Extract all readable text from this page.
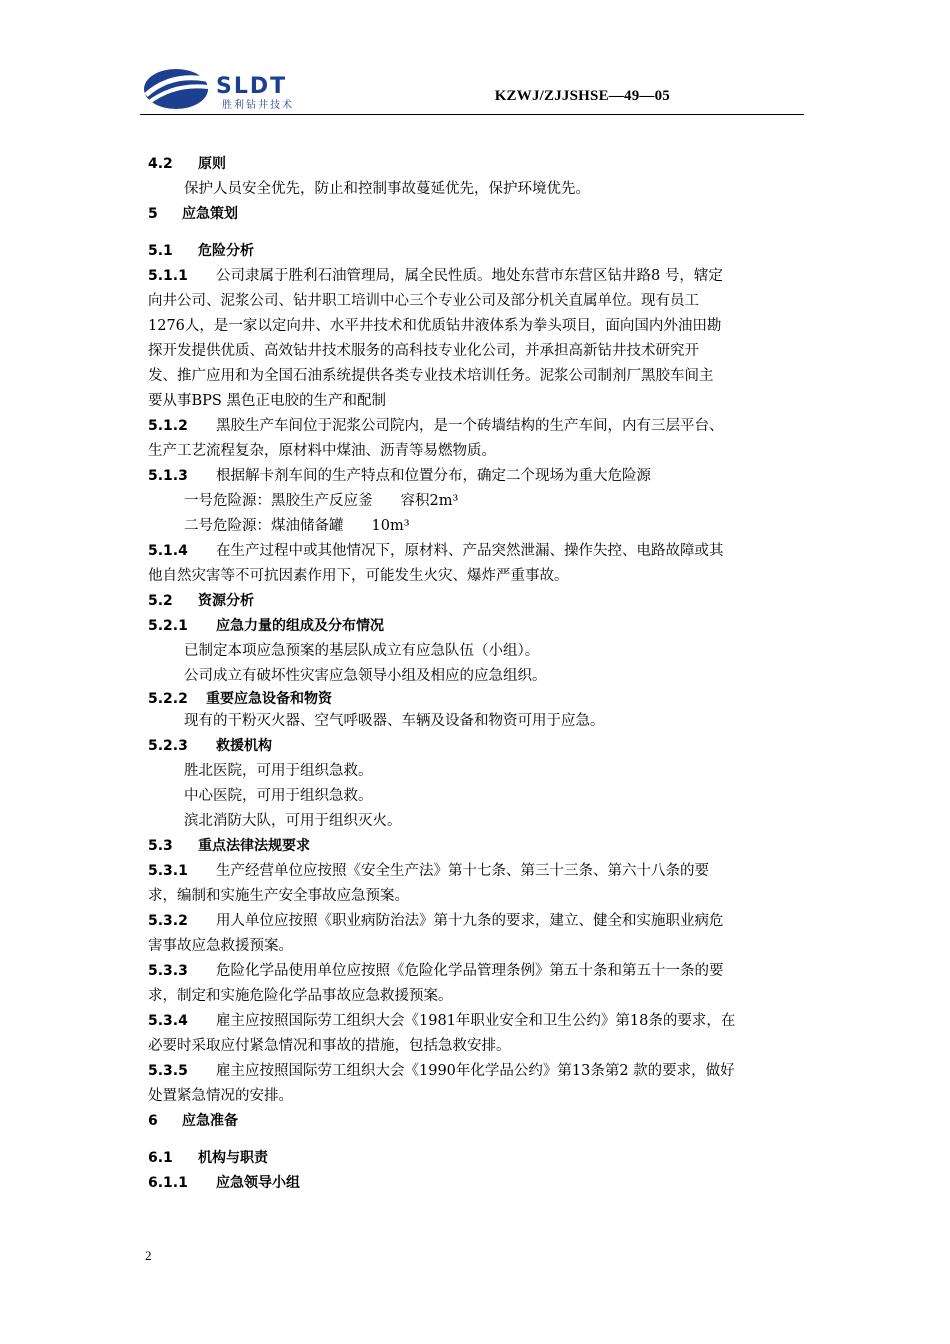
SLDT
胜利钻井技术
KZWJ/ZJJSHSE—49—05
4.2 原则
保护人员安全优先，防止和控制事故蔓延优先，保护环境优先。
5 应急策划
5.1 危险分析
5.1.1 公司隶属于胜利石油管理局，属全民性质。地处东营市东营区钻井路8 号，辖定
向井公司、泥浆公司、钻井职工培训中心三个专业公司及部分机关直属单位。现有员工
1276人，是一家以定向井、水平井技术和优质钻井液体系为拳头项目，面向国内外油田勘
探开发提供优质、高效钻井技术服务的高科技专业化公司，并承担高新钻井技术研究开
发、推广应用和为全国石油系统提供各类专业技术培训任务。泥浆公司制剂厂黑胶车间主
要从事BPS 黑色正电胶的生产和配制
5.1.2 黑胶生产车间位于泥浆公司院内，是一个砖墙结构的生产车间，内有三层平台、
生产工艺流程复杂，原材料中煤油、沥青等易燃物质。
5.1.3 根据解卡剂车间的生产特点和位置分布，确定二个现场为重大危险源
一号危险源：黑胶生产反应釜 容积2m³
二号危险源：煤油储备罐 10m³
5.1.4 在生产过程中或其他情况下，原材料、产品突然泄漏、操作失控、电路故障或其
他自然灾害等不可抗因素作用下，可能发生火灾、爆炸严重事故。
5.2 资源分析
5.2.1 应急力量的组成及分布情况
已制定本项应急预案的基层队成立有应急队伍（小组）。
公司成立有破坏性灾害应急领导小组及相应的应急组织。
5.2.2 重要应急设备和物资
现有的干粉灭火器、空气呼吸器、车辆及设备和物资可用于应急。
5.2.3 救援机构
胜北医院，可用于组织急救。
中心医院，可用于组织急救。
滨北消防大队，可用于组织灭火。
5.3 重点法律法规要求
5.3.1 生产经营单位应按照《安全生产法》第十七条、第三十三条、第六十八条的要
求，编制和实施生产安全事故应急预案。
5.3.2 用人单位应按照《职业病防治法》第十九条的要求，建立、健全和实施职业病危
害事故应急救援预案。
5.3.3 危险化学品使用单位应按照《危险化学品管理条例》第五十条和第五十一条的要
求，制定和实施危险化学品事故应急救援预案。
5.3.4 雇主应按照国际劳工组织大会《1981年职业安全和卫生公约》第18条的要求，在
必要时采取应付紧急情况和事故的措施，包括急救安排。
5.3.5 雇主应按照国际劳工组织大会《1990年化学品公约》第13条第2 款的要求，做好
处置紧急情况的安排。
6 应急准备
6.1 机构与职责
6.1.1 应急领导小组
2
